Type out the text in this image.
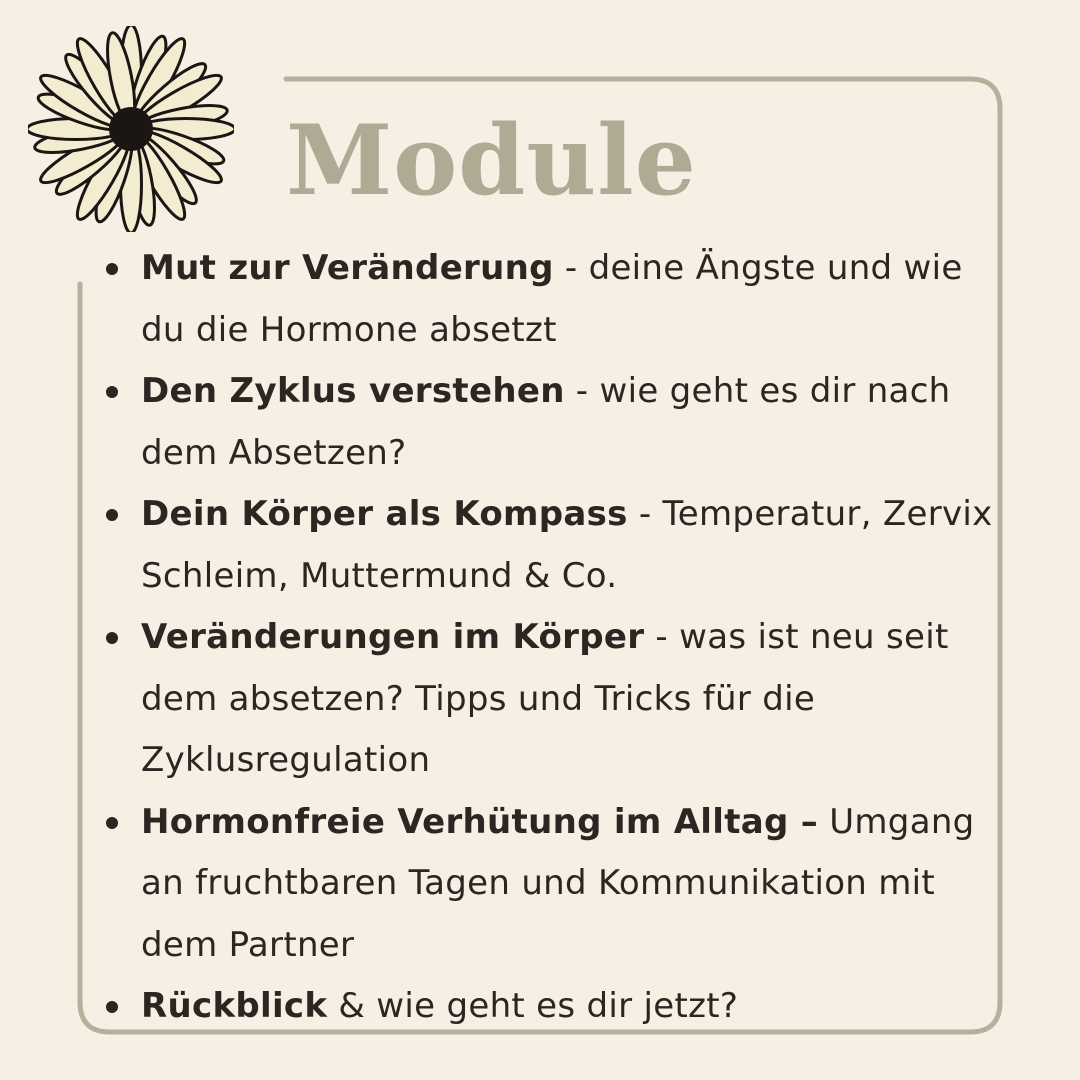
Module
Mut zur Veränderung - deine Ängste und wie du die Hormone absetzt
Den Zyklus verstehen - wie geht es dir nach dem Absetzen?
Dein Körper als Kompass - Temperatur, Zervix Schleim, Muttermund & Co.
Veränderungen im Körper - was ist neu seit dem absetzen? Tipps und Tricks für die Zyklusregulation
Hormonfreie Verhütung im Alltag – Umgang an fruchtbaren Tagen und Kommunikation mit dem Partner
Rückblick & wie geht es dir jetzt?
